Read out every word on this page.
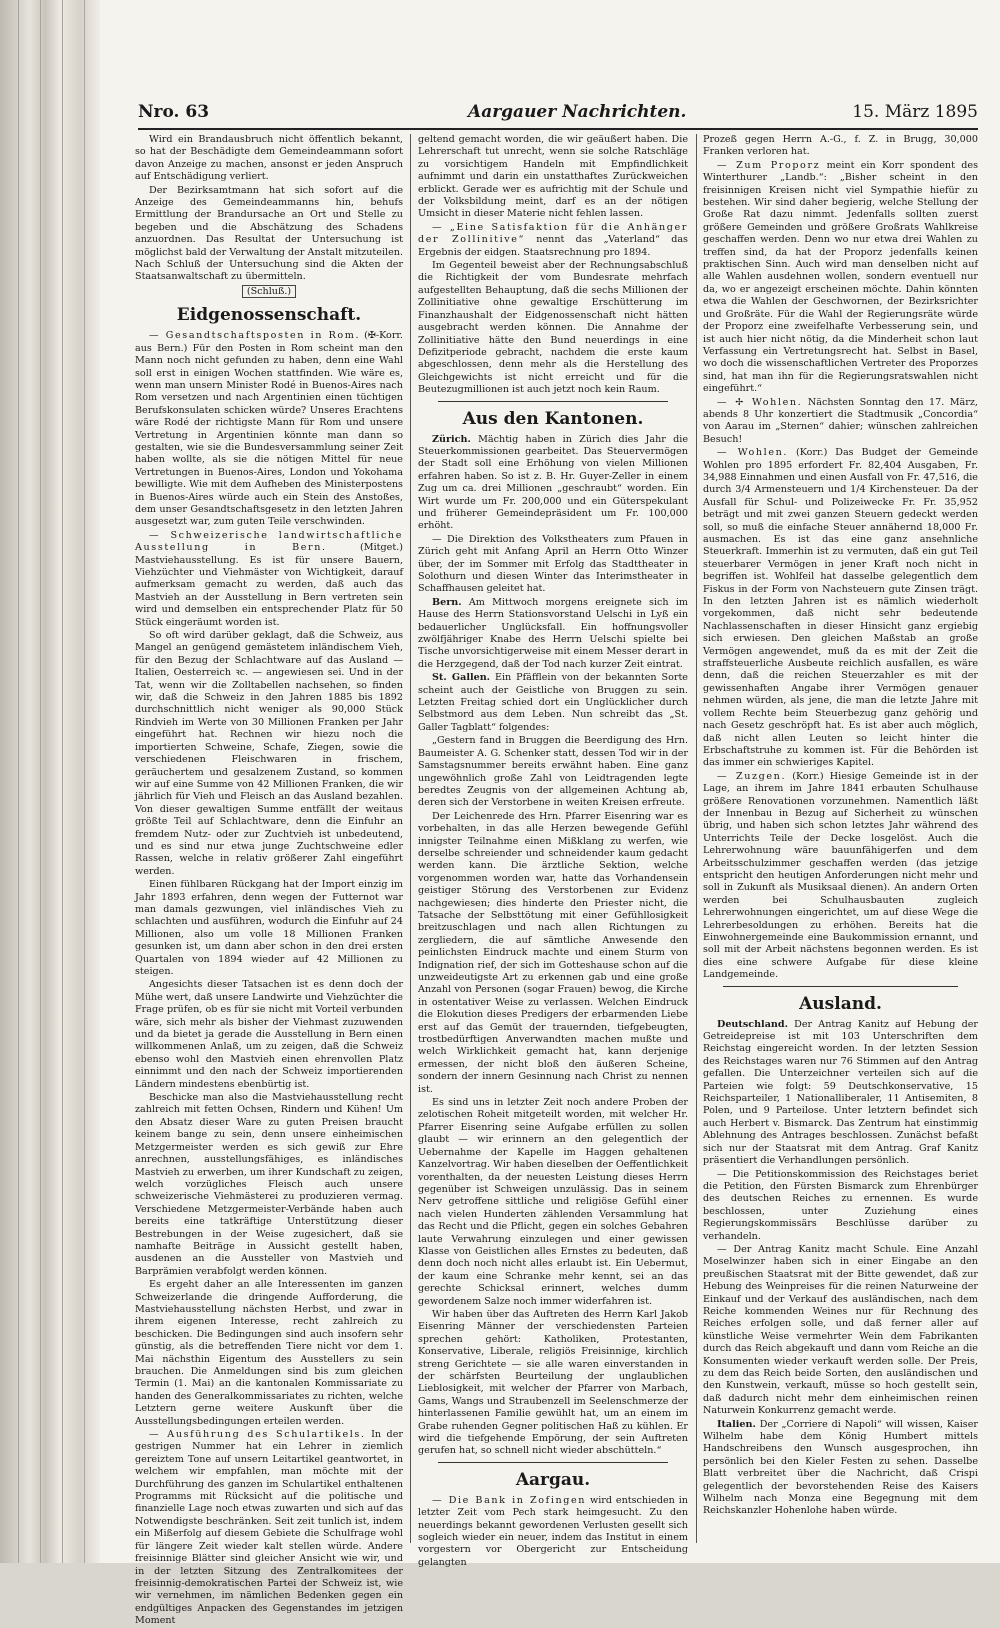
Nro. 63	Aargauer Nachrichten.	15. März 1895

Wird ein Brandausbruch nicht öffentlich bekannt, so hat der Beschädigte dem Gemeindeammann sofort davon Anzeige zu machen, ansonst er jeden Anspruch auf Entschädigung verliert.

Der Bezirksamtmann hat sich sofort auf die Anzeige des Gemeindeammanns hin, behufs Ermittlung der Brandursache an Ort und Stelle zu begeben und die Abschätzung des Schadens anzuordnen. Das Resultat der Untersuchung ist möglichst bald der Verwaltung der Anstalt mitzuteilen. Nach Schluß der Untersuchung sind die Akten der Staatsanwaltschaft zu übermitteln.

(Schluß.)
Eidgenossenschaft.

— Gesandtschaftsposten in Rom. (✠-Korr. aus Bern.) Für den Posten in Rom scheint man den Mann noch nicht gefunden zu haben, denn eine Wahl soll erst in einigen Wochen stattfinden. Wie wäre es, wenn man unsern Minister Rodé in Buenos-Aires nach Rom versetzen und nach Argentinien einen tüchtigen Berufskonsulaten schicken würde? Unseres Erachtens wäre Rodé der richtigste Mann für Rom und unsere Vertretung in Argentinien könnte man dann so gestalten, wie sie die Bundesversammlung seiner Zeit haben wollte, als sie die nötigen Mittel für neue Vertretungen in Buenos-Aires, London und Yokohama bewilligte. Wie mit dem Aufheben des Ministerpostens in Buenos-Aires würde auch ein Stein des Anstoßes, dem unser Gesandtschaftsgesetz in den letzten Jahren ausgesetzt war, zum guten Teile verschwinden.

— Schweizerische landwirtschaftliche Ausstellung in Bern.	(Mitget.) Mastviehausstellung. Es ist für unsere Bauern, Viehzüchter und Viehmäster von Wichtigkeit, darauf aufmerksam gemacht zu werden, daß auch das Mastvieh an der Ausstellung in Bern vertreten sein wird und demselben ein entsprechender Platz für 50 Stück eingeräumt worden ist.

So oft wird darüber geklagt, daß die Schweiz, aus Mangel an genügend gemästetem inländischem Vieh, für den Bezug der Schlachtware auf das Ausland — Italien, Oesterreich ꝛc. — angewiesen sei. Und in der Tat, wenn wir die Zolltabellen nachsehen, so finden wir, daß die Schweiz in den Jahren 1885 bis 1892 durchschnittlich nicht weniger als 90,000 Stück Rindvieh im Werte von 30 Millionen Franken per Jahr eingeführt hat. Rechnen wir hiezu noch die importierten Schweine, Schafe, Ziegen, sowie die verschiedenen Fleischwaren in frischem, geräuchertem und gesalzenem Zustand, so kommen wir auf eine Summe von 42 Millionen Franken, die wir jährlich für Vieh und Fleisch an das Ausland bezahlen. Von dieser gewaltigen Summe entfällt der weitaus größte Teil auf Schlachtware, denn die Einfuhr an fremdem Nutz- oder zur Zuchtvieh ist unbedeutend, und es sind nur etwa junge Zuchtschweine edler Rassen, welche in relativ größerer Zahl eingeführt werden.

Einen fühlbaren Rückgang hat der Import einzig im Jahr 1893 erfahren, denn wegen der Futternot war man damals gezwungen, viel inländisches Vieh zu schlachten und ausführen, wodurch die Einfuhr auf 24 Millionen, also um volle 18 Millionen Franken gesunken ist, um dann aber schon in den drei ersten Quartalen von 1894 wieder auf 42 Millionen zu steigen.

Angesichts dieser Tatsachen ist es denn doch der Mühe wert, daß unsere Landwirte und Viehzüchter die Frage prüfen, ob es für sie nicht mit Vorteil verbunden wäre, sich mehr als bisher der Viehmast zuzuwenden und da bietet ja gerade die Ausstellung in Bern einen willkommenen Anlaß, um zu zeigen, daß die Schweiz ebenso wohl den Mastvieh einen ehrenvollen Platz einnimmt und den nach der Schweiz importierenden Ländern mindestens ebenbürtig ist.

Beschicke man also die Mastviehausstellung recht zahlreich mit fetten Ochsen, Rindern und Kühen! Um den Absatz dieser Ware zu guten Preisen braucht keinem bange zu sein, denn unsere einheimischen Metzgermeister werden es sich gewiß zur Ehre anrechnen, ausstellungsfähiges, es inländisches Mastvieh zu erwerben, um ihrer Kundschaft zu zeigen, welch vorzügliches Fleisch auch unsere schweizerische Viehmästerei zu produzieren vermag. Verschiedene Metzgermeister-Verbände haben auch bereits eine tatkräftige Unterstützung dieser Bestrebungen in der Weise zugesichert, daß sie namhafte Beiträge in Aussicht gestellt haben, ausdenen an die Aussteller von Mastvieh und Barprämien verabfolgt werden können.

Es ergeht daher an alle Interessenten im ganzen Schweizerlande die dringende Aufforderung, die Mastviehausstellung nächsten Herbst, und zwar in ihrem eigenen Interesse, recht zahlreich zu beschicken. Die Bedingungen sind auch insofern sehr günstig, als die betreffenden Tiere nicht vor dem 1. Mai nächsthin Eigentum des Ausstellers zu sein brauchen. Die Anmeldungen sind bis zum gleichen Termin (1. Mai) an die kantonalen Kommissariate zu handen des Generalkommissariates zu richten, welche Letztern gerne weitere Auskunft über die Ausstellungsbedingungen erteilen werden.

— Ausführung des Schulartikels. In der gestrigen Nummer hat ein Lehrer in ziemlich gereiztem Tone auf unsern Leitartikel geantwortet, in welchem wir empfahlen, man möchte mit der Durchführung des ganzen im Schulartikel enthaltenen Programms mit Rücksicht auf die politische und finanzielle Lage noch etwas zuwarten und sich auf das Notwendigste beschränken. Seit zeit tunlich ist, indem ein Mißerfolg auf diesem Gebiete die Schulfrage wohl für längere Zeit wieder kalt stellen würde. Andere freisinnige Blätter sind gleicher Ansicht wie wir, und in der letzten Sitzung des Zentralkomitees der freisinnig-demokratischen Partei der Schweiz ist, wie wir vernehmen, im nämlichen Bedenken gegen ein endgültiges Anpacken des Gegenstandes im jetzigen Moment

geltend gemacht worden, die wir geäußert haben. Die Lehrerschaft tut unrecht, wenn sie solche Ratschläge zu vorsichtigem Handeln mit Empfindlichkeit aufnimmt und darin ein unstatthaftes Zurückweichen erblickt. Gerade wer es aufrichtig mit der Schule und der Volksbildung meint, darf es an der nötigen Umsicht in dieser Materie nicht fehlen lassen.

— „Eine Satisfaktion für die Anhänger der Zollinitive“ nennt das „Vaterland“ das Ergebnis der eidgen. Staatsrechnung pro 1894.

Im Gegenteil beweist aber der Rechnungsabschluß die Richtigkeit der vom Bundesrate mehrfach aufgestellten Behauptung, daß die sechs Millionen der Zollinitiative ohne gewaltige Erschütterung im Finanzhaushalt der Eidgenossenschaft nicht hätten ausgebracht werden können. Die Annahme der Zollinitiative hätte den Bund neuerdings in eine Defizitperiode gebracht, nachdem die erste kaum abgeschlossen, denn mehr als die Herstellung des Gleichgewichts ist nicht erreicht und für die Beutezugmillionen ist auch jetzt noch kein Raum.

Aus den Kantonen.

Zürich. Mächtig haben in Zürich dies Jahr die Steuerkommissionen gearbeitet. Das Steuervermögen der Stadt soll eine Erhöhung von vielen Millionen erfahren haben. So ist z. B. Hr. Guyer-Zeller in einem Zug um ca. drei Millionen „geschraubt“ worden. Ein Wirt wurde um Fr. 200,000 und ein Güterspekulant und früherer Gemeindepräsident um Fr. 100,000 erhöht.

— Die Direktion des Volkstheaters zum Pfauen in Zürich geht mit Anfang April an Herrn Otto Winzer über, der im Sommer mit Erfolg das Stadttheater in Solothurn und diesen Winter das Interimstheater in Schaffhausen geleitet hat.

Bern. Am Mittwoch morgens ereignete sich im Hause des Herrn Stationsvorstand Uelschi in Lyß ein bedauerlicher Unglücksfall. Ein hoffnungsvoller zwölfjähriger Knabe des Herrn Uelschi spielte bei Tische unvorsichtigerweise mit einem Messer derart in die Herzgegend, daß der Tod nach kurzer Zeit eintrat.

St. Gallen. Ein Pfäfflein von der bekannten Sorte scheint auch der Geistliche von Bruggen zu sein. Letzten Freitag schied dort ein Unglücklicher durch Selbstmord aus dem Leben. Nun schreibt das „St. Galler Tagblatt“ folgendes:

„Gestern fand in Bruggen die Beerdigung des Hrn. Baumeister A. G. Schenker statt, dessen Tod wir in der Samstagsnummer bereits erwähnt haben. Eine ganz ungewöhnlich große Zahl von Leidtragenden legte beredtes Zeugnis von der allgemeinen Achtung ab, deren sich der Verstorbene in weiten Kreisen erfreute.

Der Leichenrede des Hrn. Pfarrer Eisenring war es vorbehalten, in das alle Herzen bewegende Gefühl innigster Teilnahme einen Mißklang zu werfen, wie derselbe schreiender und schneidender kaum gedacht werden kann. Die ärztliche Sektion, welche vorgenommen worden war, hatte das Vorhandensein geistiger Störung des Verstorbenen zur Evidenz nachgewiesen; dies hinderte den Priester nicht, die Tatsache der Selbsttötung mit einer Gefühllosigkeit breitzuschlagen und nach allen Richtungen zu zergliedern, die auf sämtliche Anwesende den peinlichsten Eindruck machte und einem Sturm von Indignation rief, der sich im Gotteshause schon auf die unzweideutigste Art zu erkennen gab und eine große Anzahl von Personen (sogar Frauen) bewog, die Kirche in ostentativer Weise zu verlassen. Welchen Eindruck die Elokution dieses Predigers der erbarmenden Liebe erst auf das Gemüt der trauernden, tiefgebeugten, trostbedürftigen Anverwandten machen mußte und welch Wirklichkeit gemacht hat, kann derjenige ermessen, der nicht bloß den äußeren Scheine, sondern der innern Gesinnung nach Christ zu nennen ist.

Es sind uns in letzter Zeit noch andere Proben der zelotischen Roheit mitgeteilt worden, mit welcher Hr. Pfarrer Eisenring seine Aufgabe erfüllen zu sollen glaubt — wir erinnern an den gelegentlich der Uebernahme der Kapelle im Haggen gehaltenen Kanzelvortrag. Wir haben dieselben der Oeffentlichkeit vorenthalten, da der neuesten Leistung dieses Herrn gegenüber ist Schweigen unzulässig. Das in seinem Nerv getroffene sittliche und religiöse Gefühl einer nach vielen Hunderten zählenden Versammlung hat das Recht und die Pflicht, gegen ein solches Gebahren laute Verwahrung einzulegen und einer gewissen Klasse von Geistlichen alles Ernstes zu bedeuten, daß denn doch noch nicht alles erlaubt ist. Ein Uebermut, der kaum eine Schranke mehr kennt, sei an das gerechte Schicksal erinnert, welches dumm gewordenem Salze noch immer widerfahren ist.

Wir haben über das Auftreten des Herrn Karl Jakob Eisenring Männer der verschiedensten Parteien sprechen gehört: Katholiken, Protestanten, Konservative, Liberale, religiös Freisinnige, kirchlich streng Gerichtete — sie alle waren einverstanden in der schärfsten Beurteilung der unglaublichen Lieblosigkeit, mit welcher der Pfarrer von Marbach, Gams, Wangs und Straubenzell im Seelenschmerze der hinterlassenen Familie gewühlt hat, um an einem im Grabe ruhenden Gegner politischen Haß zu kühlen. Er wird die tiefgehende Empörung, der sein Auftreten gerufen hat, so schnell nicht wieder abschütteln.“

Aargau.

— Die Bank in Zofingen wird entschieden in letzter Zeit vom Pech stark heimgesucht. Zu den neuerdings bekannt gewordenen Verlusten gesellt sich sogleich wieder ein neuer, indem das Institut in einem vorgestern vor Obergericht zur Entscheidung gelangten

Prozeß gegen Herrn A.-G., f. Z. in Brugg, 30,000 Franken verloren hat.

— Zum Proporz meint ein Korr spondent des Winterthurer „Landb.“: „Bisher scheint in den freisinnigen Kreisen nicht viel Sympathie hiefür zu bestehen. Wir sind daher begierig, welche Stellung der Große Rat dazu nimmt. Jedenfalls sollten zuerst größere Gemeinden und größere Großrats Wahlkreise geschaffen werden. Denn wo nur etwa drei Wahlen zu treffen sind, da hat der Proporz jedenfalls keinen praktischen Sinn. Auch wird man denselben nicht auf alle Wahlen ausdehnen wollen, sondern eventuell nur da, wo er angezeigt erscheinen möchte. Dahin könnten etwa die Wahlen der Geschwornen, der Bezirksrichter und Großräte. Für die Wahl der Regierungsräte würde der Proporz eine zweifelhafte Verbesserung sein, und ist auch hier nicht nötig, da die Minderheit schon laut Verfassung ein Vertretungsrecht hat. Selbst in Basel, wo doch die wissenschaftlichen Vertreter des Proporzes sind, hat man ihn für die Regierungsratswahlen nicht eingeführt.“

— ✢ Wohlen. Nächsten Sonntag den 17. März, abends 8 Uhr konzertiert die Stadtmusik „Concordia“ von Aarau im „Sternen“ dahier; wünschen zahlreichen Besuch!

— Wohlen. (Korr.) Das Budget der Gemeinde Wohlen pro 1895 erfordert Fr. 82,404 Ausgaben, Fr. 34,988 Einnahmen und einen Ausfall von Fr. 47,516, die durch 3/4 Armensteuern und 1/4 Kirchensteuer. Da der Ausfall für Schul- und Polizeiwecke Fr. Fr. 35,952 beträgt und mit zwei ganzen Steuern gedeckt werden soll, so muß die einfache Steuer annähernd 18,000 Fr. ausmachen. Es ist das eine ganz ansehnliche Steuerkraft. Immerhin ist zu vermuten, daß ein gut Teil steuerbarer Vermögen in jener Kraft noch nicht in begriffen ist. Wohlfeil hat dasselbe gelegentlich dem Fiskus in der Form von Nachsteuern gute Zinsen trägt. In den letzten Jahren ist es nämlich wiederholt vorgekommen, daß nicht sehr bedeutende Nachlassenschaften in dieser Hinsicht ganz ergiebig sich erwiesen. Den gleichen Maßstab an große Vermögen angewendet, muß da es mit der Zeit die straffsteuerliche Ausbeute reichlich ausfallen, es wäre denn, daß die reichen Steuerzahler es mit der gewissenhaften Angabe ihrer Vermögen genauer nehmen würden, als jene, die man die letzte Jahre mit vollem Rechte beim Steuerbezug ganz gehörig und nach Gesetz geschröpft hat. Es ist aber auch möglich, daß nicht allen Leuten so leicht hinter die Erbschaftstruhe zu kommen ist. Für die Behörden ist das immer ein schwieriges Kapitel.

— Zuzgen. (Korr.) Hiesige Gemeinde ist in der Lage, an ihrem im Jahre 1841 erbauten Schulhause größere Renovationen vorzunehmen. Namentlich läßt der Innenbau in Bezug auf Sicherheit zu wünschen übrig, und haben sich schon letztes Jahr während des Unterrichts Teile der Decke losgelöst. Auch die Lehrerwohnung wäre bauunfähigerfen und dem Arbeitsschulzimmer geschaffen werden (das jetzige entspricht den heutigen Anforderungen nicht mehr und soll in Zukunft als Musiksaal dienen). An andern Orten werden bei Schulhausbauten zugleich Lehrerwohnungen eingerichtet, um auf diese Wege die Lehrerbesoldungen zu erhöhen. Bereits hat die Einwohnergemeinde eine Baukommission ernannt, und soll mit der Arbeit nächstens begonnen werden. Es ist dies eine schwere Aufgabe für diese kleine Landgemeinde.

Ausland.

Deutschland. Der Antrag Kanitz auf Hebung der Getreidepreise ist mit 103 Unterschriften dem Reichstag eingereicht worden. In der letzten Session des Reichstages waren nur 76 Stimmen auf den Antrag gefallen. Die Unterzeichner verteilen sich auf die Parteien wie folgt: 59 Deutschkonservative, 15 Reichsparteiler, 1 Nationalliberaler, 11 Antisemiten, 8 Polen, und 9 Parteilose. Unter letztern befindet sich auch Herbert v. Bismarck. Das Zentrum hat einstimmig Ablehnung des Antrages beschlossen. Zunächst befaßt sich nur der Staatsrat mit dem Antrag. Graf Kanitz präsentiert die Verhandlungen persönlich.

— Die Petitionskommission des Reichstages beriet die Petition, den Fürsten Bismarck zum Ehrenbürger des deutschen Reiches zu ernennen. Es wurde beschlossen, unter Zuziehung eines Regierungskommissärs Beschlüsse darüber zu verhandeln.

— Der Antrag Kanitz macht Schule. Eine Anzahl Moselwinzer haben sich in einer Eingabe an den preußischen Staatsrat mit der Bitte gewendet, daß zur Hebung des Weinpreises für die reinen Naturweine der Einkauf und der Verkauf des ausländischen, nach dem Reiche kommenden Weines nur für Rechnung des Reiches erfolgen solle, und daß ferner aller auf künstliche Weise vermehrter Wein dem Fabrikanten durch das Reich abgekauft und dann vom Reiche an die Konsumenten wieder verkauft werden solle. Der Preis, zu dem das Reich beide Sorten, den ausländischen und den Kunstwein, verkauft, müsse so hoch gestellt sein, daß dadurch nicht mehr dem einheimischen reinen Naturwein Konkurrenz gemacht werde.

Italien. Der „Corriere di Napoli“ will wissen, Kaiser Wilhelm habe dem König Humbert mittels Handschreibens den Wunsch ausgesprochen, ihn persönlich bei den Kieler Festen zu sehen. Dasselbe Blatt verbreitet über die Nachricht, daß Crispi gelegentlich der bevorstehenden Reise des Kaisers Wilhelm nach Monza eine Begegnung mit dem Reichskanzler Hohenlohe haben würde.
